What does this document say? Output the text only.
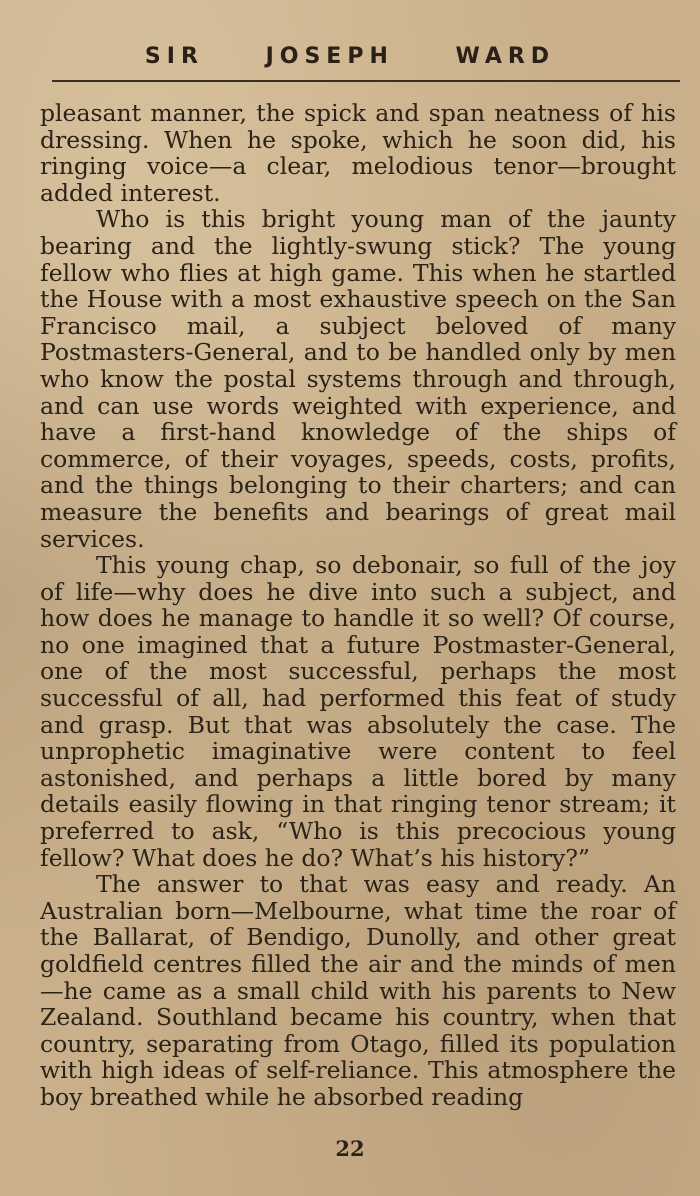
SIR	JOSEPH	WARD

pleasant manner, the spick and span neatness of his dressing. When he spoke, which he soon did, his ringing voice—a clear, melodious tenor—brought added interest.

Who is this bright young man of the jaunty bearing and the lightly-swung stick? The young fellow who flies at high game. This when he startled the House with a most exhaustive speech on the San Francisco mail, a subject beloved of many Postmasters-General, and to be handled only by men who know the postal systems through and through, and can use words weighted with experience, and have a first-hand knowledge of the ships of commerce, of their voyages, speeds, costs, profits, and the things belonging to their charters; and can measure the benefits and bearings of great mail services.

This young chap, so debonair, so full of the joy of life—why does he dive into such a subject, and how does he manage to handle it so well? Of course, no one imagined that a future Postmaster-General, one of the most successful, perhaps the most successful of all, had performed this feat of study and grasp. But that was absolutely the case. The unprophetic imaginative were content to feel astonished, and perhaps a little bored by many details easily flowing in that ringing tenor stream; it preferred to ask, “Who is this precocious young fellow? What does he do? What’s his history?”

The answer to that was easy and ready. An Australian born—Melbourne, what time the roar of the Ballarat, of Bendigo, Dunolly, and other great goldfield centres filled the air and the minds of men—he came as a small child with his parents to New Zealand. Southland became his country, when that country, separating from Otago, filled its population with high ideas of self-reliance. This atmosphere the boy breathed while he absorbed reading

22
